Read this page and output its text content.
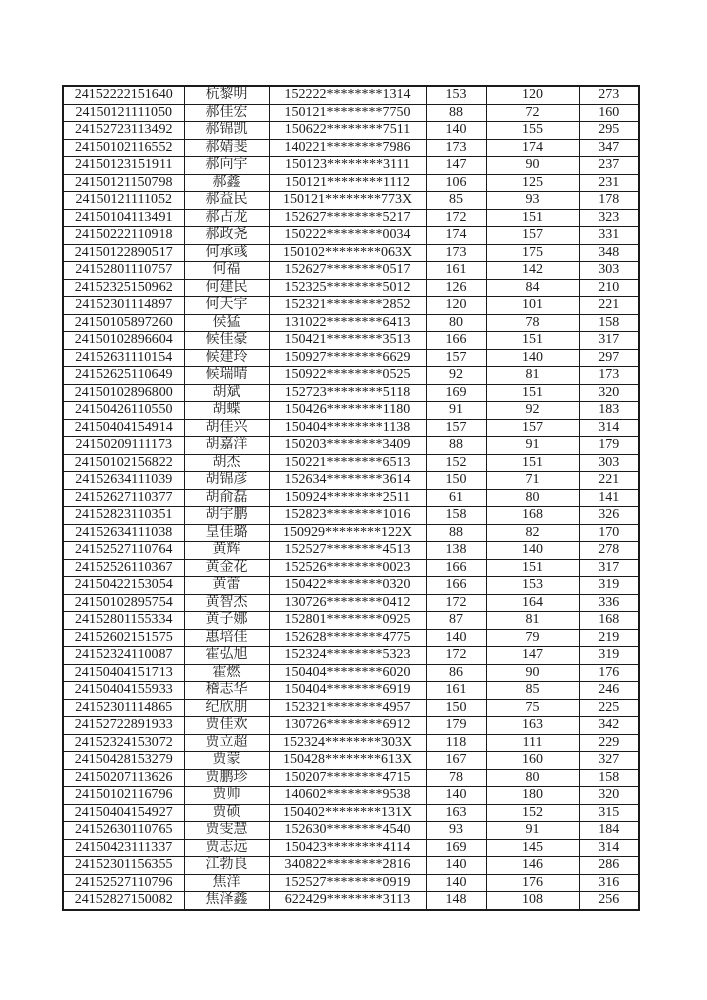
24152222151640	杭黎明	152222********1314	153	120	273
24150121111050	郝佳宏	150121********7750	88	72	160
24152723113492	郝锦凯	150622********7511	140	155	295
24150102116552	郝婧斐	140221********7986	173	174	347
24150123151911	郝向宇	150123********3111	147	90	237
24150121150798	郝鑫	150121********1112	106	125	231
24150121111052	郝益民	150121********773X	85	93	178
24150104113491	郝占龙	152627********5217	172	151	323
24150222110918	郝政尧	150222********0034	174	157	331
24150122890517	何承彧	150102********063X	173	175	348
24152801110757	何福	152627********0517	161	142	303
24152325150962	何建民	152325********5012	126	84	210
24152301114897	何天宇	152321********2852	120	101	221
24150105897260	侯猛	131022********6413	80	78	158
24150102896604	候佳豪	150421********3513	166	151	317
24152631110154	候建玲	150927********6629	157	140	297
24152625110649	候瑞晴	150922********0525	92	81	173
24150102896800	胡斌	152723********5118	169	151	320
24150426110550	胡蝶	150426********1180	91	92	183
24150404154914	胡佳兴	150404********1138	157	157	314
24150209111173	胡嘉洋	150203********3409	88	91	179
24150102156822	胡杰	150221********6513	152	151	303
24152634111039	胡锦彦	152634********3614	150	71	221
24152627110377	胡俞磊	150924********2511	61	80	141
24152823110351	胡宇鹏	152823********1016	158	168	326
24152634111038	皇佳璐	150929********122X	88	82	170
24152527110764	黄辉	152527********4513	138	140	278
24152526110367	黄金花	152526********0023	166	151	317
24150422153054	黄蕾	150422********0320	166	153	319
24150102895754	黄智杰	130726********0412	172	164	336
24152801155334	黄子娜	152801********0925	87	81	168
24152602151575	惠培佳	152628********4775	140	79	219
24152324110087	霍弘旭	152324********5323	172	147	319
24150404151713	霍燃	150404********6020	86	90	176
24150404155933	稽志华	150404********6919	161	85	246
24152301114865	纪欣朋	152321********4957	150	75	225
24152722891933	贾佳欢	130726********6912	179	163	342
24152324153072	贾立超	152324********303X	118	111	229
24150428153279	贾蒙	150428********613X	167	160	327
24150207113626	贾鹏珍	150207********4715	78	80	158
24150102116796	贾帅	140602********9538	140	180	320
24150404154927	贾硕	150402********131X	163	152	315
24152630110765	贾雯慧	152630********4540	93	91	184
24150423111337	贾志远	150423********4114	169	145	314
24152301156355	江勃良	340822********2816	140	146	286
24152527110796	焦洋	152527********0919	140	176	316
24152827150082	焦泽鑫	622429********3113	148	108	256
